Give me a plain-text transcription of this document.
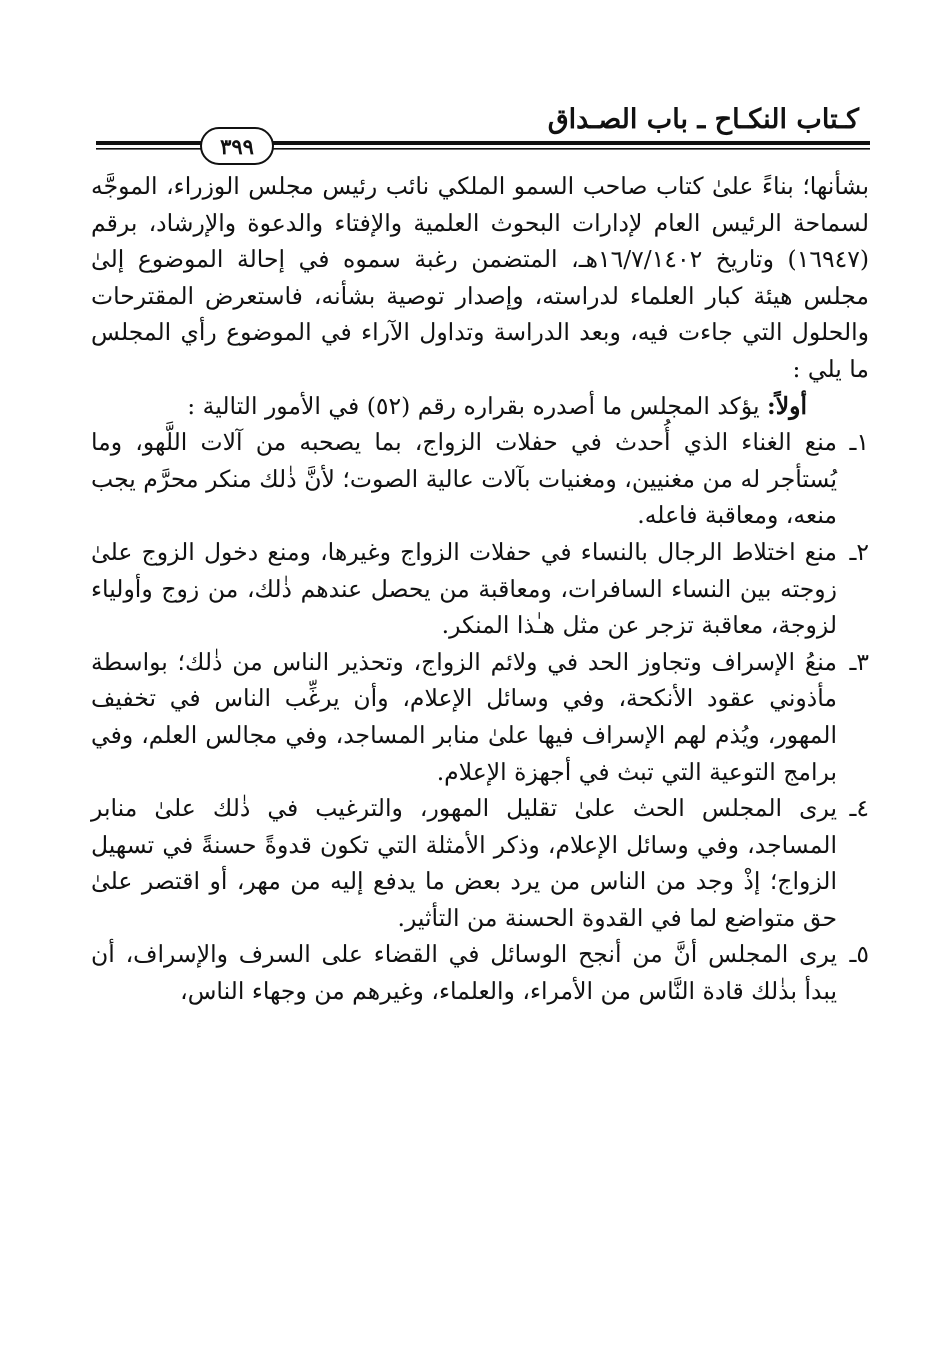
كـتاب النكـاح ـ باب الصـداق
٣٩٩

بشأنها؛ بناءً علىٰ كتاب صاحب السمو الملكي نائب رئيس مجلس الوزراء، الموجَّه لسماحة الرئيس العام لإدارات البحوث العلمية والإفتاء والدعوة والإرشاد، برقم (١٦٩٤٧) وتاريخ ١٦/٧/١٤٠٢هـ، المتضمن رغبة سموه في إحالة الموضوع إلىٰ مجلس هيئة كبار العلماء لدراسته، وإصدار توصية بشأنه، فاستعرض المقترحات والحلول التي جاءت فيه، وبعد الدراسة وتداول الآراء في الموضوع رأي المجلس ما يلي :

أولاً: يؤكد المجلس ما أصدره بقراره رقم (٥٢) في الأمور التالية :

١ـ

منع الغناء الذي أُحدث في حفلات الزواج، بما يصحبه من آلات اللَّهو، وما يُستأجر له من مغنيين، ومغنيات بآلات عالية الصوت؛ لأنَّ ذٰلك منكر محرَّم يجب منعه، ومعاقبة فاعله.

٢ـ

منع اختلاط الرجال بالنساء في حفلات الزواج وغيرها، ومنع دخول الزوج علىٰ زوجته بين النساء السافرات، ومعاقبة من يحصل عندهم ذٰلك، من زوج وأولياء لزوجة، معاقبة تزجر عن مثل هـٰذا المنكر.

٣ـ

منعُ الإسراف وتجاوز الحد في ولائم الزواج، وتحذير الناس من ذٰلك؛ بواسطة مأذوني عقود الأنكحة، وفي وسائل الإعلام، وأن يرغِّب الناس في تخفيف المهور، ويُذم لهم الإسراف فيها علىٰ منابر المساجد، وفي مجالس العلم، وفي برامج التوعية التي تبث في أجهزة الإعلام.

٤ـ

يرى المجلس الحث علىٰ تقليل المهور، والترغيب في ذٰلك علىٰ منابر المساجد، وفي وسائل الإعلام، وذكر الأمثلة التي تكون قدوةً حسنةً في تسهيل الزواج؛ إذْ وجد من الناس من يرد بعض ما يدفع إليه من مهر، أو اقتصر علىٰ حق متواضع لما في القدوة الحسنة من التأثير.

٥ـ

يرى المجلس أنَّ من أنجح الوسائل في القضاء على السرف والإسراف، أن يبدأ بذٰلك قادة النَّاس من الأمراء، والعلماء، وغيرهم من وجهاء الناس،
